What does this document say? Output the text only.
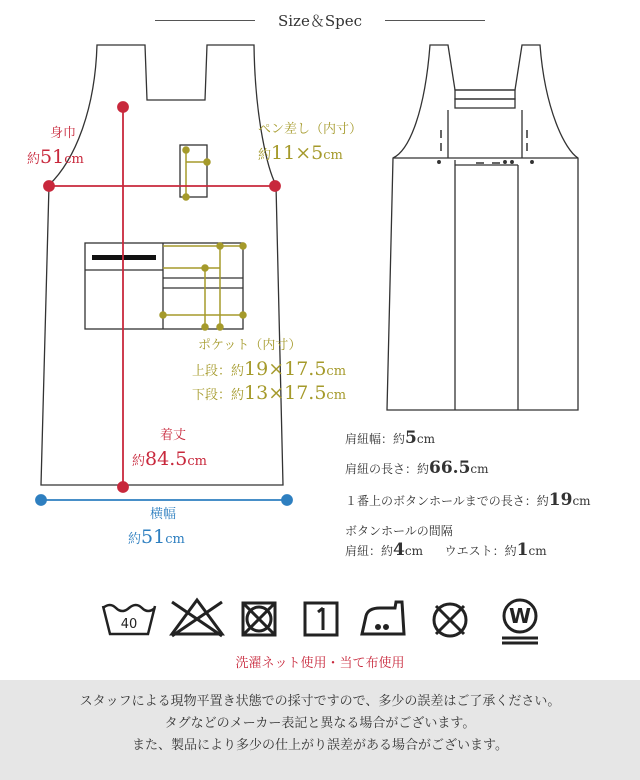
Size＆Spec
身巾
約51cm
ペン差し（内寸）
約11×5cm
ポケット（内寸）
上段：約19×17.5cm
下段：約13×17.5cm
着丈
約84.5cm
横幅
約51cm
肩紐幅：約5cm
肩紐の長さ：約66.5cm
１番上のボタンホールまでの長さ：約19cm
ボタンホールの間隔
肩紐：約4cm ウエスト：約1cm
40	W
洗濯ネット使用・当て布使用
スタッフによる現物平置き状態での採寸ですので、多少の誤差はご了承ください。
タグなどのメーカー表記と異なる場合がございます。
また、製品により多少の仕上がり誤差がある場合がございます。
